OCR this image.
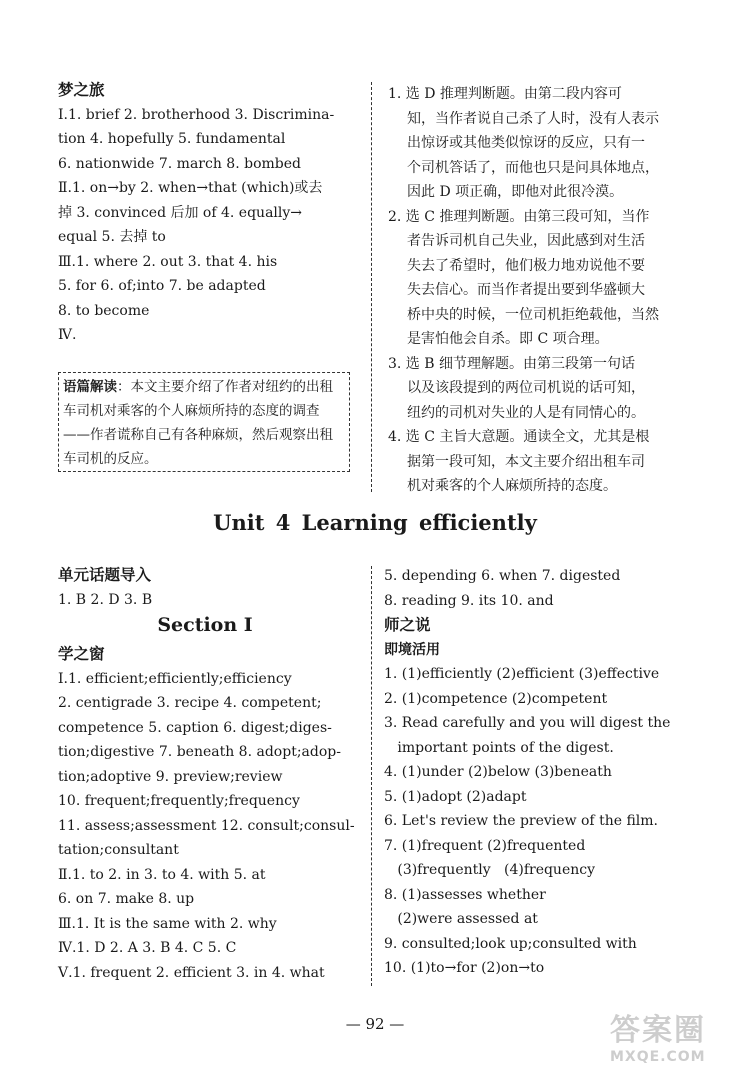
梦之旅
Ⅰ.1. brief 2. brotherhood 3. Discrimina-
tion 4. hopefully 5. fundamental
6. nationwide 7. march 8. bombed
Ⅱ.1. on→by 2. when→that (which)或去
掉 3. convinced 后加 of 4. equally→
equal 5. 去掉 to
Ⅲ.1. where 2. out 3. that 4. his
5. for 6. of;into 7. be adapted
8. to become
Ⅳ.
语篇解读：本文主要介绍了作者对纽约的出租车司机对乘客的个人麻烦所持的态度的调查——作者谎称自己有各种麻烦，然后观察出租车司机的反应。
1. 选 D 推理判断题。由第二段内容可
知，当作者说自己杀了人时，没有人表示
出惊讶或其他类似惊讶的反应，只有一
个司机答话了，而他也只是问具体地点，
因此 D 项正确，即他对此很冷漠。
2. 选 C 推理判断题。由第三段可知，当作
者告诉司机自己失业，因此感到对生活
失去了希望时，他们极力地劝说他不要
失去信心。而当作者提出要到华盛顿大
桥中央的时候，一位司机拒绝载他，当然
是害怕他会自杀。即 C 项合理。
3. 选 B 细节理解题。由第三段第一句话
以及该段提到的两位司机说的话可知，
纽约的司机对失业的人是有同情心的。
4. 选 C 主旨大意题。通读全文，尤其是根
据第一段可知，本文主要介绍出租车司
机对乘客的个人麻烦所持的态度。
Unit 4 Learning efficiently
单元话题导入
1. B 2. D 3. B
Section Ⅰ
学之窗
Ⅰ.1. efficient;efficiently;efficiency
2. centigrade 3. recipe 4. competent;
competence 5. caption 6. digest;diges-
tion;digestive 7. beneath 8. adopt;adop-
tion;adoptive 9. preview;review
10. frequent;frequently;frequency
11. assess;assessment 12. consult;consul-
tation;consultant
Ⅱ.1. to 2. in 3. to 4. with 5. at
6. on 7. make 8. up
Ⅲ.1. It is the same with 2. why
Ⅳ.1. D 2. A 3. B 4. C 5. C
Ⅴ.1. frequent 2. efficient 3. in 4. what
5. depending 6. when 7. digested
8. reading 9. its 10. and
师之说
即境活用
1. (1)efficiently (2)efficient (3)effective
2. (1)competence (2)competent
3. Read carefully and you will digest the
important points of the digest.
4. (1)under (2)below (3)beneath
5. (1)adopt (2)adapt
6. Let's review the preview of the film.
7. (1)frequent (2)frequented
(3)frequently   (4)frequency
8. (1)assesses whether
(2)were assessed at
9. consulted;look up;consulted with
10. (1)to→for (2)on→to
— 92 —	答案圈
MXQE.COM
